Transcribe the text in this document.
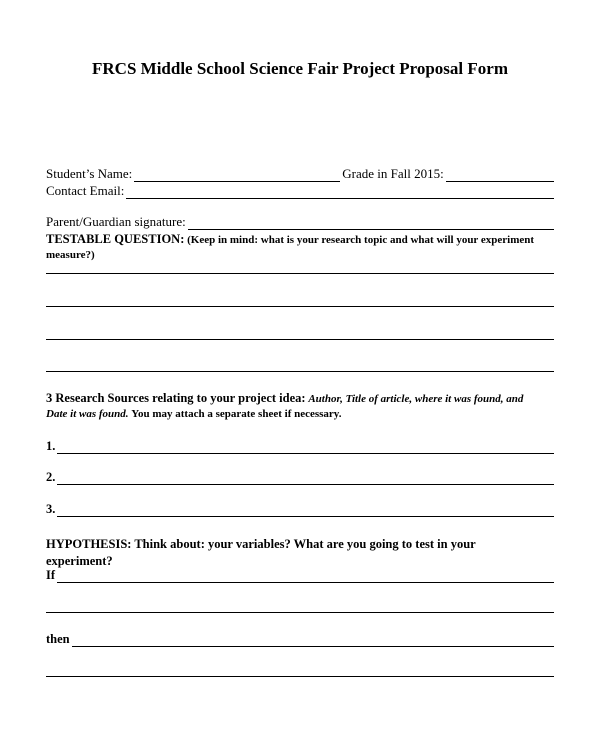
FRCS Middle School Science Fair Project Proposal Form
Student’s Name:	Grade in Fall 2015:
Contact Email:
Parent/Guardian signature:
TESTABLE QUESTION: (Keep in mind: what is your research topic and what will your experiment
measure?)
3 Research Sources relating to your project idea: Author, Title of article, where it was found, and
Date it was found. You may attach a separate sheet if necessary.
1.
2.
3.
HYPOTHESIS: Think about: your variables? What are you going to test in your
experiment?
If
then
